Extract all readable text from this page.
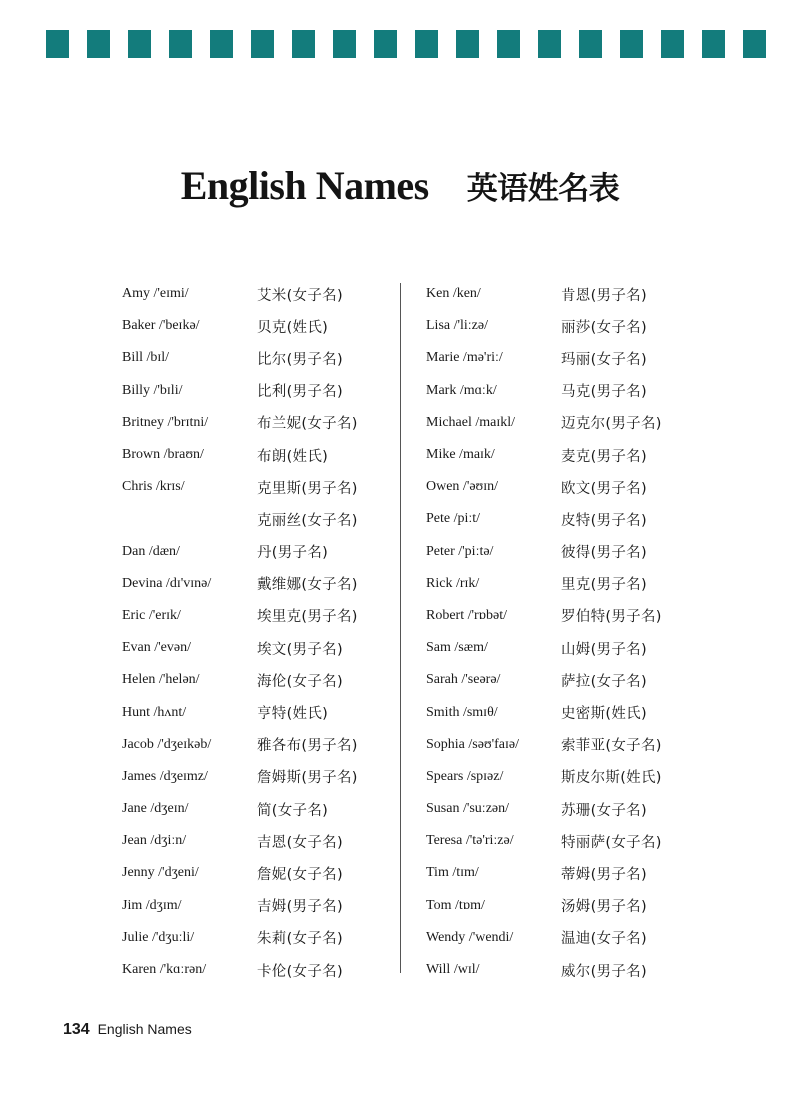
English Names 英语姓名表
Amy /'eɪmi/	艾米(女子名)
Baker /'beɪkə/	贝克(姓氏)
Bill /bɪl/	比尔(男子名)
Billy /'bɪli/	比利(男子名)
Britney /'brɪtni/	布兰妮(女子名)
Brown /braʊn/	布朗(姓氏)
Chris /krɪs/	克里斯(男子名)
克丽丝(女子名)
Dan /dæn/	丹(男子名)
Devina /dɪ'vɪnə/	戴维娜(女子名)
Eric /'erɪk/	埃里克(男子名)
Evan /'evən/	埃文(男子名)
Helen /'helən/	海伦(女子名)
Hunt /hʌnt/	亨特(姓氏)
Jacob /'dʒeɪkəb/	雅各布(男子名)
James /dʒeɪmz/	詹姆斯(男子名)
Jane /dʒeɪn/	简(女子名)
Jean /dʒiːn/	吉恩(女子名)
Jenny /'dʒeni/	詹妮(女子名)
Jim /dʒɪm/	吉姆(男子名)
Julie /'dʒuːli/	朱莉(女子名)
Karen /'kɑːrən/	卡伦(女子名)
Ken /ken/	肯恩(男子名)
Lisa /'liːzə/	丽莎(女子名)
Marie /mə'riː/	玛丽(女子名)
Mark /mɑːk/	马克(男子名)
Michael /maɪkl/	迈克尔(男子名)
Mike /maɪk/	麦克(男子名)
Owen /'əʊɪn/	欧文(男子名)
Pete /piːt/	皮特(男子名)
Peter /'piːtə/	彼得(男子名)
Rick /rɪk/	里克(男子名)
Robert /'rɒbət/	罗伯特(男子名)
Sam /sæm/	山姆(男子名)
Sarah /'seərə/	萨拉(女子名)
Smith /smɪθ/	史密斯(姓氏)
Sophia /səʊ'faɪə/	索菲亚(女子名)
Spears /spɪəz/	斯皮尔斯(姓氏)
Susan /'suːzən/	苏珊(女子名)
Teresa /'tə'riːzə/	特丽萨(女子名)
Tim /tɪm/	蒂姆(男子名)
Tom /tɒm/	汤姆(男子名)
Wendy /'wendi/	温迪(女子名)
Will /wɪl/	威尔(男子名)
134 English Names
